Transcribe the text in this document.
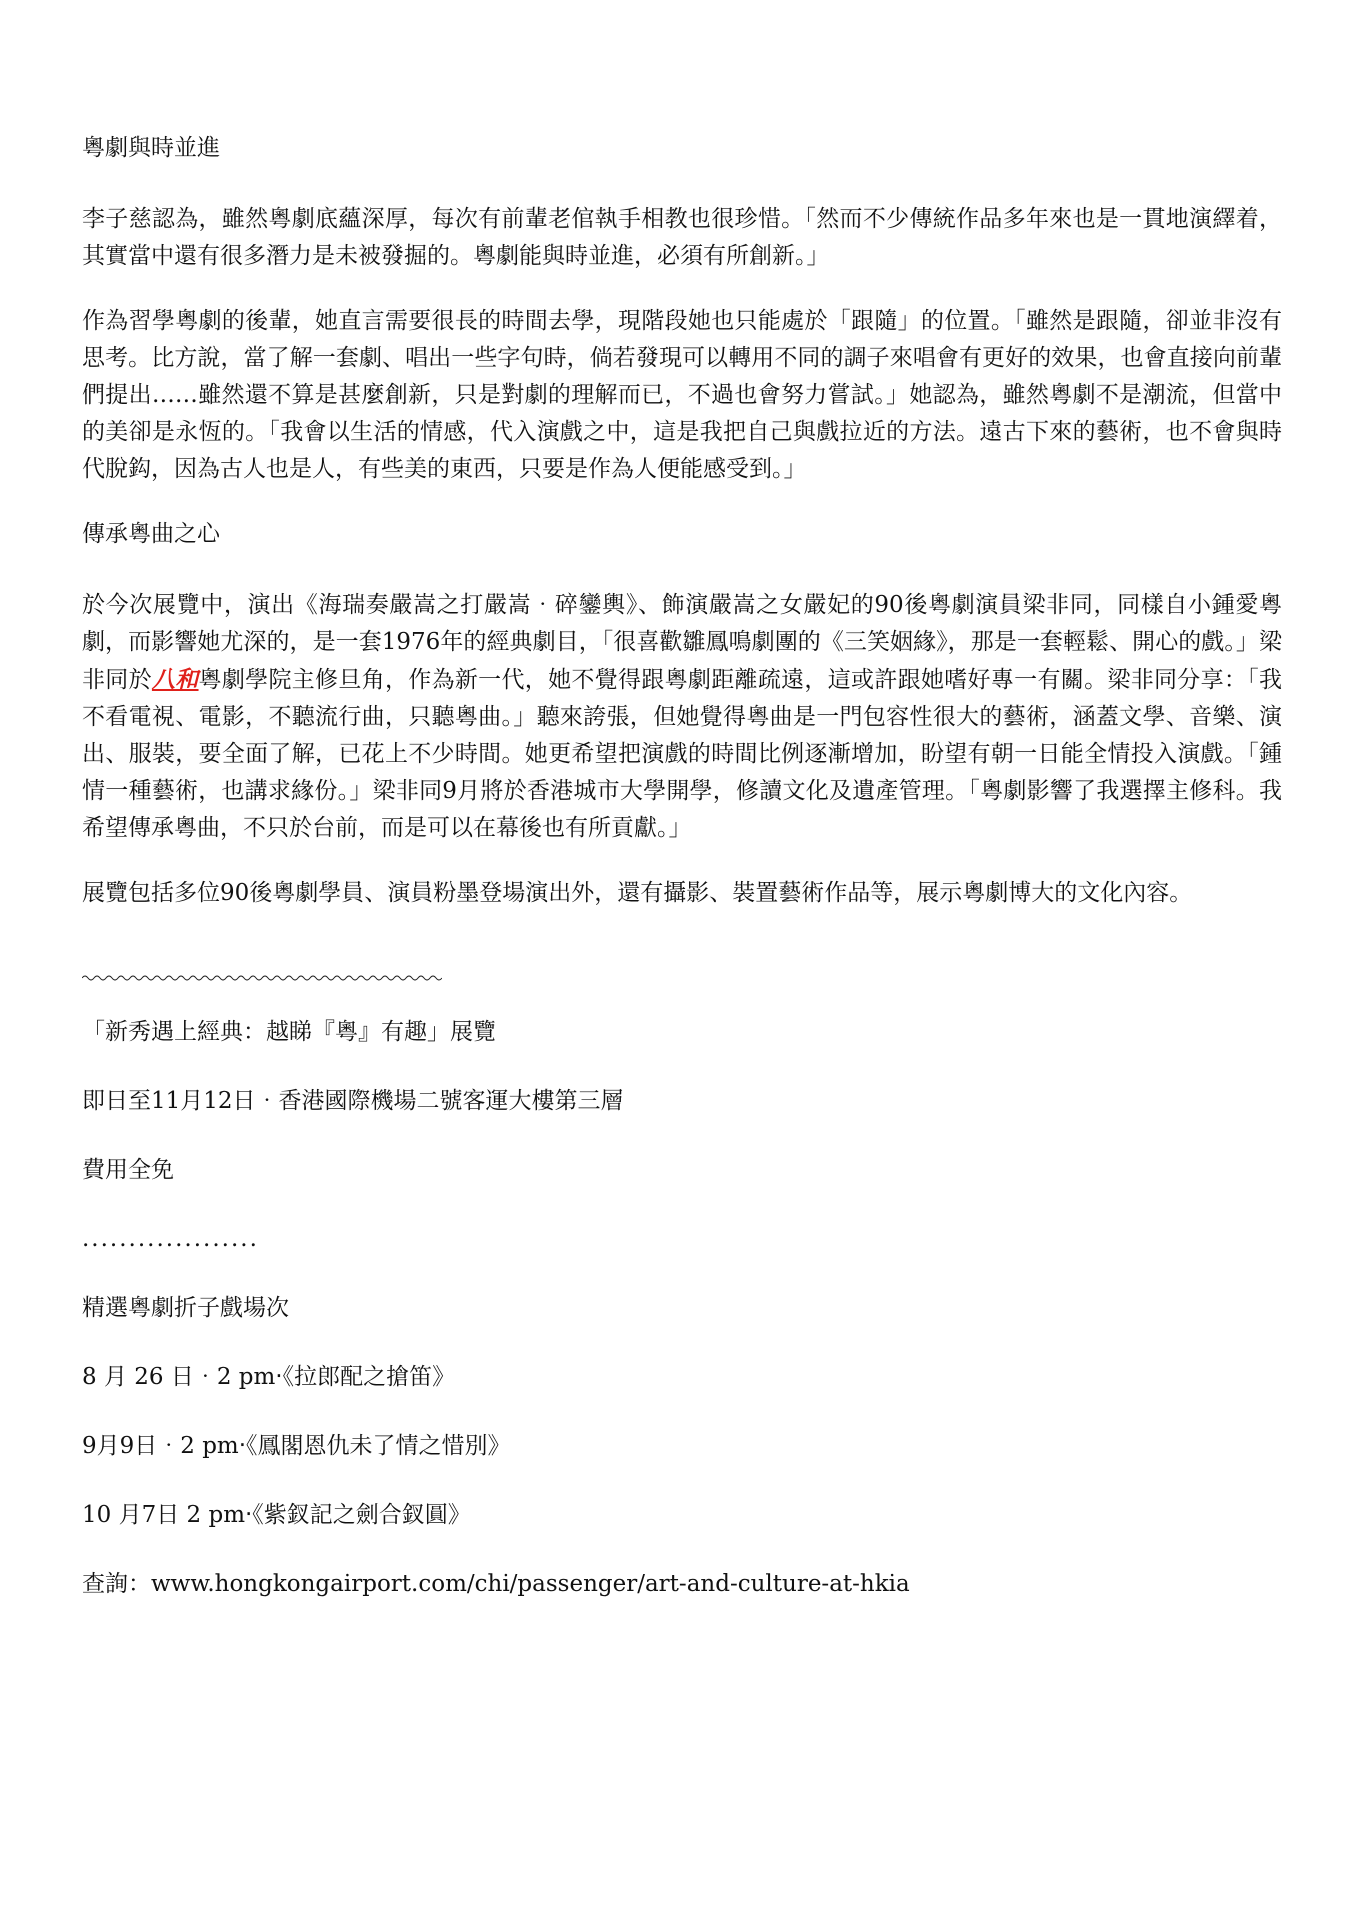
粵劇與時並進

李子慈認為，雖然粵劇底蘊深厚，每次有前輩老倌執手相教也很珍惜。「然而不少傳統作品多年來也是一貫地演繹着，其實當中還有很多潛力是未被發掘的。粵劇能與時並進，必須有所創新。」

作為習學粵劇的後輩，她直言需要很長的時間去學，現階段她也只能處於「跟隨」的位置。「雖然是跟隨，卻並非沒有思考。比方說，當了解一套劇、唱出一些字句時，倘若發現可以轉用不同的調子來唱會有更好的效果，也會直接向前輩們提出……雖然還不算是甚麼創新，只是對劇的理解而已，不過也會努力嘗試。」她認為，雖然粵劇不是潮流，但當中的美卻是永恆的。「我會以生活的情感，代入演戲之中，這是我把自己與戲拉近的方法。遠古下來的藝術，也不會與時代脫鈎，因為古人也是人，有些美的東西，只要是作為人便能感受到。」

傳承粵曲之心

於今次展覽中，演出《海瑞奏嚴嵩之打嚴嵩‧碎鑾輿》、飾演嚴嵩之女嚴妃的90後粵劇演員梁非同，同樣自小鍾愛粵劇，而影響她尤深的，是一套1976年的經典劇目，「很喜歡雛鳳鳴劇團的《三笑姻緣》，那是一套輕鬆、開心的戲。」梁非同於八和粵劇學院主修旦角，作為新一代，她不覺得跟粵劇距離疏遠，這或許跟她嗜好專一有關。梁非同分享：「我不看電視、電影，不聽流行曲，只聽粵曲。」聽來誇張，但她覺得粵曲是一門包容性很大的藝術，涵蓋文學、音樂、演出、服裝，要全面了解，已花上不少時間。她更希望把演戲的時間比例逐漸增加，盼望有朝一日能全情投入演戲。「鍾情一種藝術，也講求緣份。」梁非同9月將於香港城市大學開學，修讀文化及遺產管理。「粵劇影響了我選擇主修科。我希望傳承粵曲，不只於台前，而是可以在幕後也有所貢獻。」

展覽包括多位90後粵劇學員、演員粉墨登場演出外，還有攝影、裝置藝術作品等，展示粵劇博大的文化內容。

「新秀遇上經典：越睇『粵』有趣」展覽

即日至11月12日‧香港國際機場二號客運大樓第三層

費用全免

...................

精選粵劇折子戲場次

8 月 26 日‧2 pm‧《拉郎配之搶笛》

9月9日‧2 pm‧《鳳閣恩仇未了情之惜別》

10 月7日 2 pm‧《紫釵記之劍合釵圓》

查詢：www.hongkongairport.com/chi/passenger/art-and-culture-at-hkia
